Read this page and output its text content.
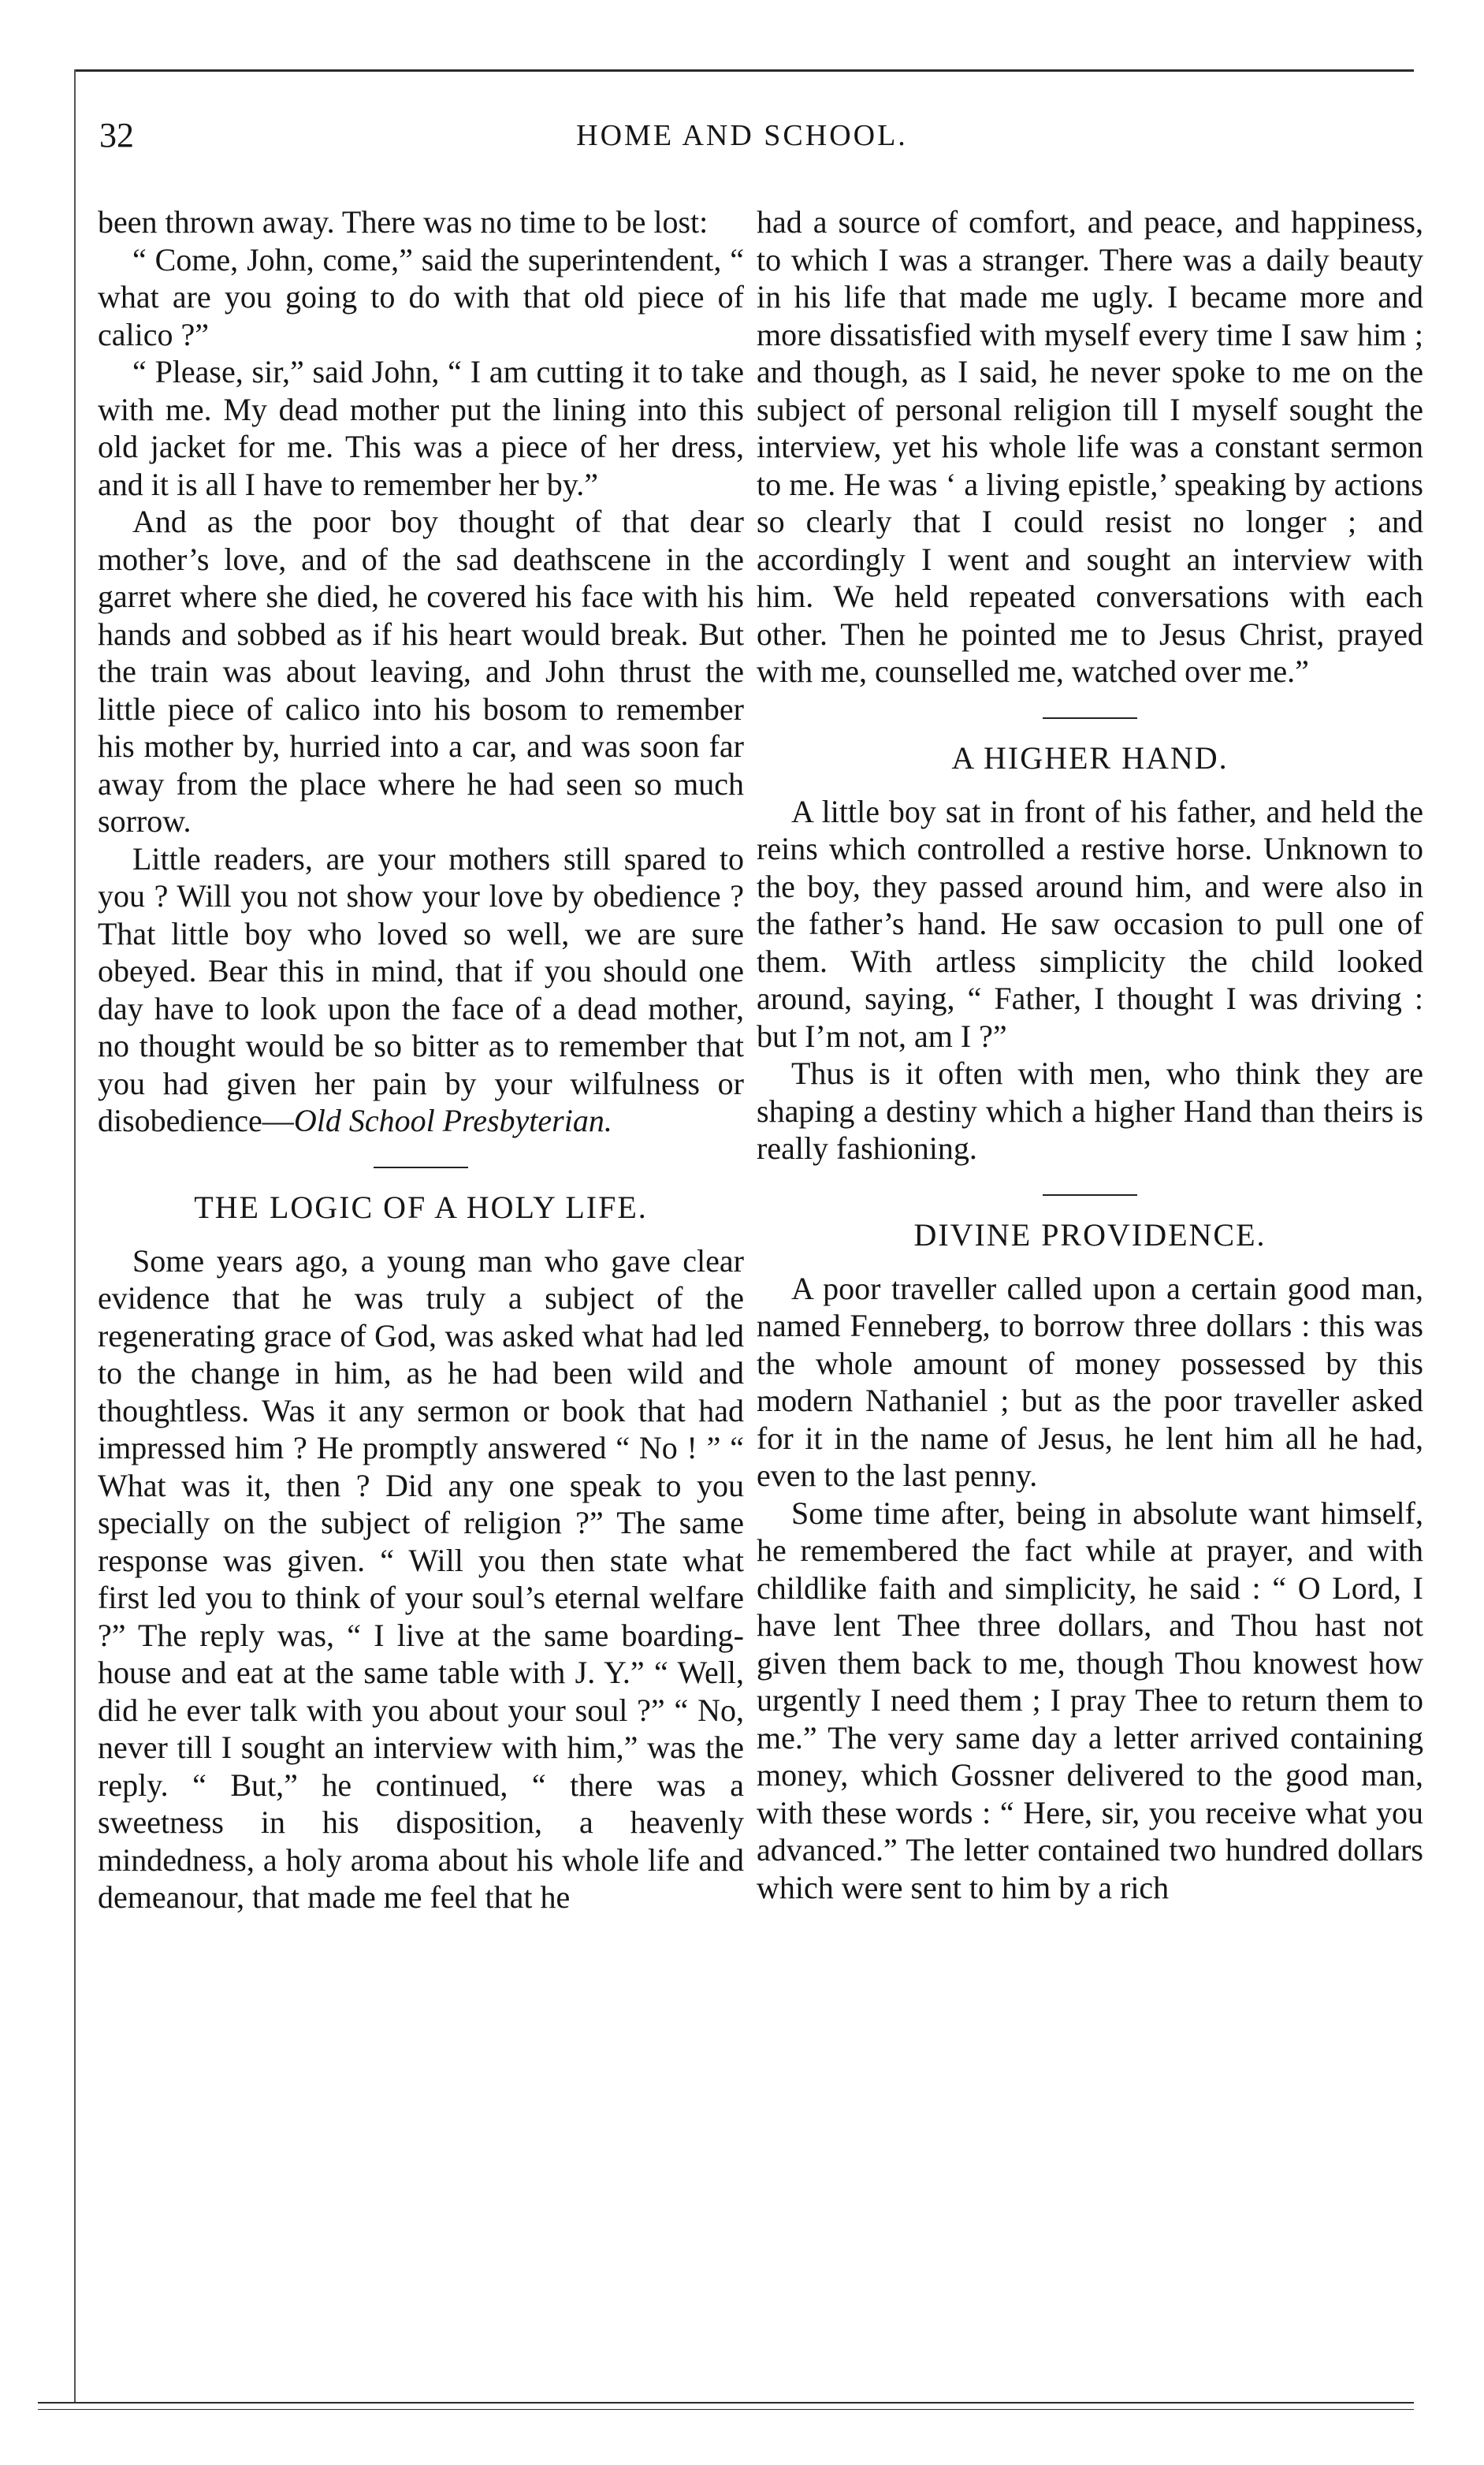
32	HOME AND SCHOOL.

been thrown away. There was no time to be lost:

“ Come, John, come,” said the superintendent, “ what are you going to do with that old piece of calico ?”

“ Please, sir,” said John, “ I am cutting it to take with me. My dead mother put the lining into this old jacket for me. This was a piece of her dress, and it is all I have to remember her by.”

And as the poor boy thought of that dear mother’s love, and of the sad deathscene in the garret where she died, he covered his face with his hands and sobbed as if his heart would break. But the train was about leaving, and John thrust the little piece of calico into his bosom to remember his mother by, hurried into a car, and was soon far away from the place where he had seen so much sorrow.

Little readers, are your mothers still spared to you ? Will you not show your love by obedience ? That little boy who loved so well, we are sure obeyed. Bear this in mind, that if you should one day have to look upon the face of a dead mother, no thought would be so bitter as to remember that you had given her pain by your wilfulness or disobedience—Old School Presbyterian.

THE LOGIC OF A HOLY LIFE.

Some years ago, a young man who gave clear evidence that he was truly a subject of the regenerating grace of God, was asked what had led to the change in him, as he had been wild and thoughtless. Was it any sermon or book that had impressed him ? He promptly answered “ No ! ” “ What was it, then ? Did any one speak to you specially on the subject of religion ?” The same response was given. “ Will you then state what first led you to think of your soul’s eternal welfare ?” The reply was, “ I live at the same boarding-house and eat at the same table with J. Y.” “ Well, did he ever talk with you about your soul ?” “ No, never till I sought an interview with him,” was the reply. “ But,” he continued, “ there was a sweetness in his disposition, a heavenly mindedness, a holy aroma about his whole life and demeanour, that made me feel that he

had a source of comfort, and peace, and happiness, to which I was a stranger. There was a daily beauty in his life that made me ugly. I became more and more dissatisfied with myself every time I saw him ; and though, as I said, he never spoke to me on the subject of personal religion till I myself sought the interview, yet his whole life was a constant sermon to me. He was ‘ a living epistle,’ speaking by actions so clearly that I could resist no longer ; and accordingly I went and sought an interview with him. We held repeated conversations with each other. Then he pointed me to Jesus Christ, prayed with me, counselled me, watched over me.”

A HIGHER HAND.

A little boy sat in front of his father, and held the reins which controlled a restive horse. Unknown to the boy, they passed around him, and were also in the father’s hand. He saw occasion to pull one of them. With artless simplicity the child looked around, saying, “ Father, I thought I was driving : but I’m not, am I ?”

Thus is it often with men, who think they are shaping a destiny which a higher Hand than theirs is really fashioning.

DIVINE PROVIDENCE.

A poor traveller called upon a certain good man, named Fenneberg, to borrow three dollars : this was the whole amount of money possessed by this modern Nathaniel ; but as the poor traveller asked for it in the name of Jesus, he lent him all he had, even to the last penny.

Some time after, being in absolute want himself, he remembered the fact while at prayer, and with childlike faith and simplicity, he said : “ O Lord, I have lent Thee three dollars, and Thou hast not given them back to me, though Thou knowest how urgently I need them ; I pray Thee to return them to me.” The very same day a letter arrived containing money, which Gossner delivered to the good man, with these words : “ Here, sir, you receive what you advanced.” The letter contained two hundred dollars which were sent to him by a rich
